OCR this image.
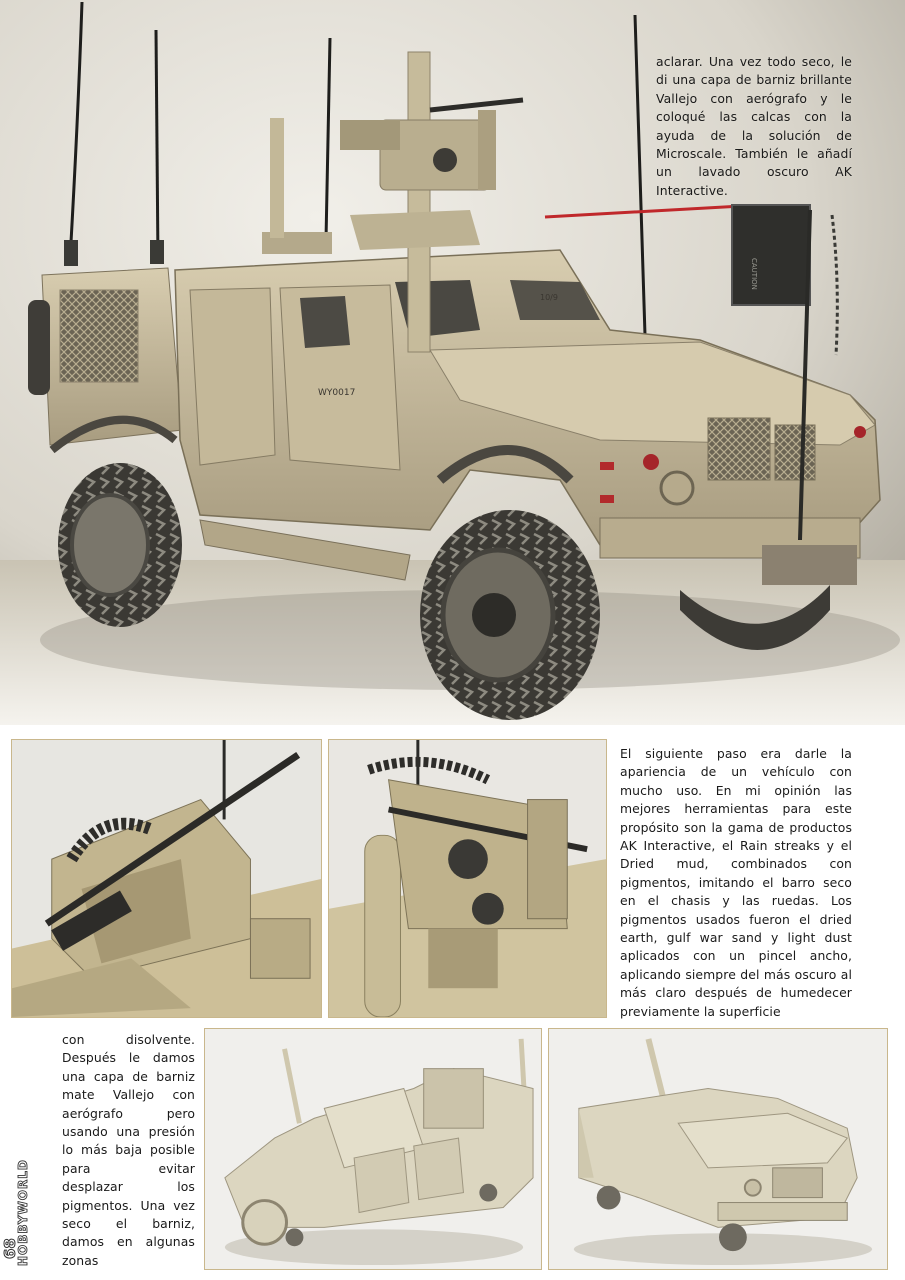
WY0017
10/9
CAUTION

aclarar. Una vez todo seco, le di una capa de barniz brillante Vallejo con aerógrafo y le coloqué las calcas con la ayuda de la solución de Microscale. También le añadí un lavado oscuro AK Interactive.

El siguiente paso era darle la apariencia de un vehículo con mucho uso. En mi opinión las mejores herramientas para este propósito son la gama de productos AK Interactive, el Rain streaks y el Dried mud, combinados con pigmentos, imitando el barro seco en el chasis y las ruedas. Los pigmentos usados fueron el dried earth, gulf war sand y light dust aplicados con un pincel ancho, aplicando siempre del más oscuro al más claro después de humedecer previamente la superficie

con disolvente. Después le damos una capa de barniz mate Vallejo con aerógrafo pero usando una presión lo más baja posible para evitar desplazar los pigmentos. Una vez seco el barniz, damos en algunas zonas

HOBBYWORLD
68
